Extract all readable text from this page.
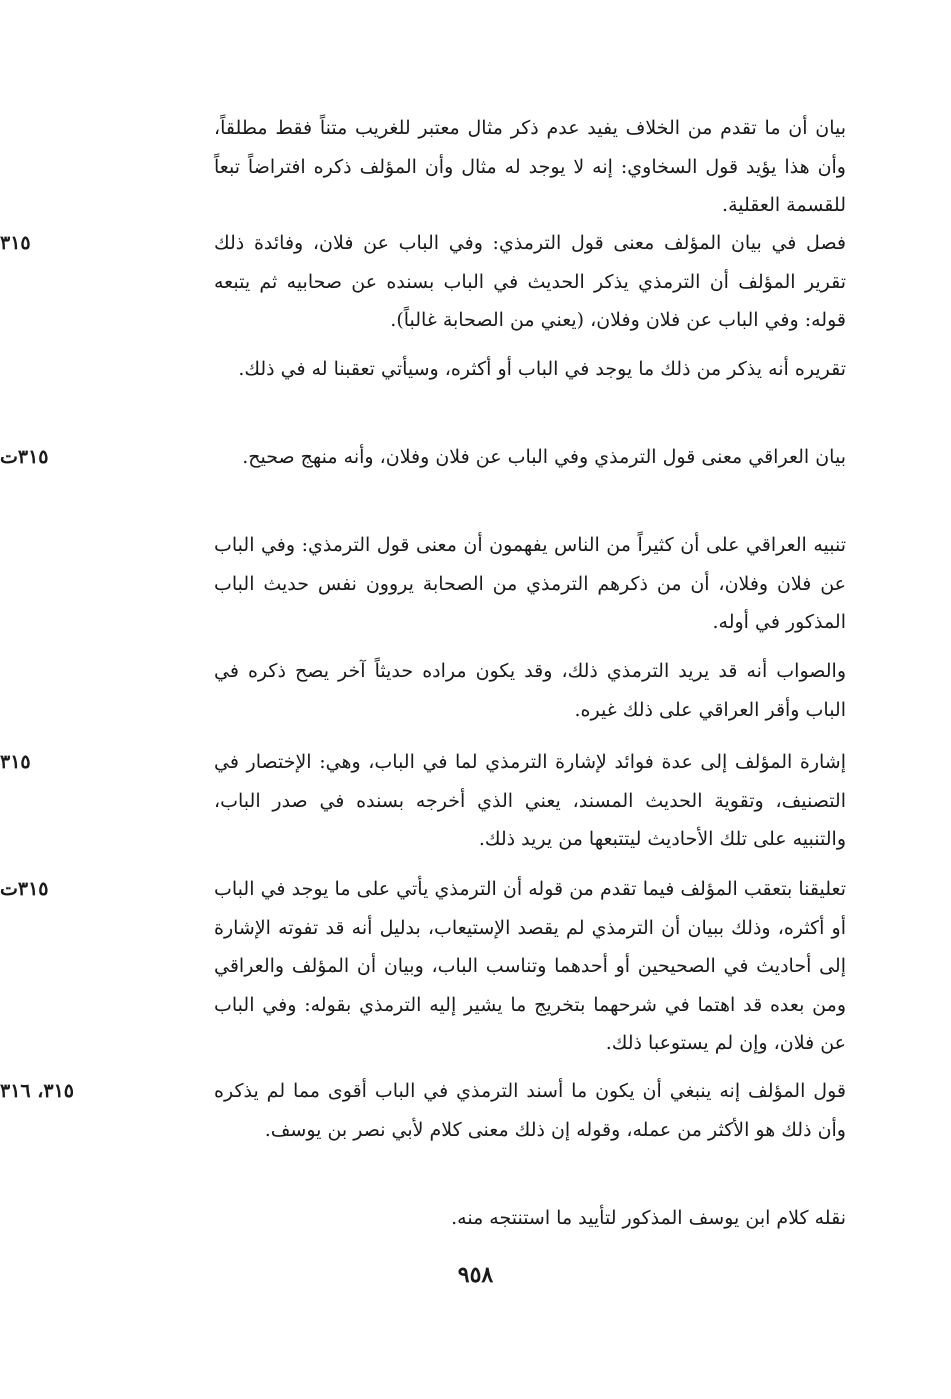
بيان أن ما تقدم من الخلاف يفيد عدم ذكر مثال معتبر للغريب متناً فقط مطلقاً، وأن هذا يؤيد قول السخاوي: إنه لا يوجد له مثال وأن المؤلف ذكره افتراضاً تبعاً للقسمة العقلية.
فصل في بيان المؤلف معنى قول الترمذي: وفي الباب عن فلان، وفائدة ذلك تقرير المؤلف أن الترمذي يذكر الحديث في الباب بسنده عن صحابيه ثم يتبعه قوله: وفي الباب عن فلان وفلان، (يعني من الصحابة غالباً).
٣١٥
تقريره أنه يذكر من ذلك ما يوجد في الباب أو أكثره، وسيأتي تعقبنا له في ذلك.
بيان العراقي معنى قول الترمذي وفي الباب عن فلان وفلان، وأنه منهج صحيح.
٣١٥ت
تنبيه العراقي على أن كثيراً من الناس يفهمون أن معنى قول الترمذي: وفي الباب عن فلان وفلان، أن من ذكرهم الترمذي من الصحابة يروون نفس حديث الباب المذكور في أوله.
والصواب أنه قد يريد الترمذي ذلك، وقد يكون مراده حديثاً آخر يصح ذكره في الباب وأقر العراقي على ذلك غيره.
إشارة المؤلف إلى عدة فوائد لإشارة الترمذي لما في الباب، وهي: الإختصار في التصنيف، وتقوية الحديث المسند، يعني الذي أخرجه بسنده في صدر الباب، والتنبيه على تلك الأحاديث ليتتبعها من يريد ذلك.
٣١٥
تعليقنا بتعقب المؤلف فيما تقدم من قوله أن الترمذي يأتي على ما يوجد في الباب أو أكثره، وذلك ببيان أن الترمذي لم يقصد الإستيعاب، بدليل أنه قد تفوته الإشارة إلى أحاديث في الصحيحين أو أحدهما وتناسب الباب، وبيان أن المؤلف والعراقي ومن بعده قد اهتما في شرحهما بتخريج ما يشير إليه الترمذي بقوله: وفي الباب عن فلان، وإن لم يستوعبا ذلك.
٣١٥ت
قول المؤلف إنه ينبغي أن يكون ما أسند الترمذي في الباب أقوى مما لم يذكره وأن ذلك هو الأكثر من عمله، وقوله إن ذلك معنى كلام لأبي نصر بن يوسف.
٣١٥، ٣١٦
نقله كلام ابن يوسف المذكور لتأييد ما استنتجه منه.
٩٥٨
